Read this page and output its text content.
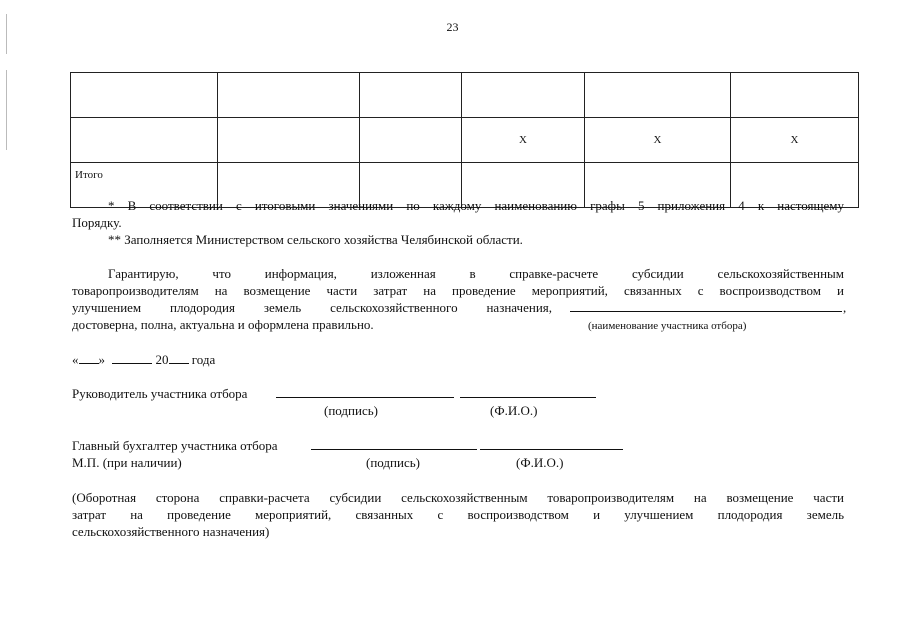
23

			X	X	X
Итого					
* В соответствии с итоговыми значениями по каждому наименованию графы 5 приложения 4 к настоящему
Порядку.
** Заполняется Министерством сельского хозяйства Челябинской области.
Гарантирую, что информация, изложенная в справке-расчете субсидии сельскохозяйственным
товаропроизводителям на возмещение части затрат на проведение мероприятий, связанных с воспроизводством и
улучшением плодородия земель сельскохозяйственного назначения,	,
достоверна, полна, актуальна и оформлена правильно.	(наименование участника отбора)
« »	20 года
Руководитель участника отбора
(подпись)	(Ф.И.О.)
Главный бухгалтер участника отбора
М.П. (при наличии)	(подпись)	(Ф.И.О.)
(Оборотная сторона справки-расчета субсидии сельскохозяйственным товаропроизводителям на возмещение части
затрат на проведение мероприятий, связанных с воспроизводством и улучшением плодородия земель
сельскохозяйственного назначения)
